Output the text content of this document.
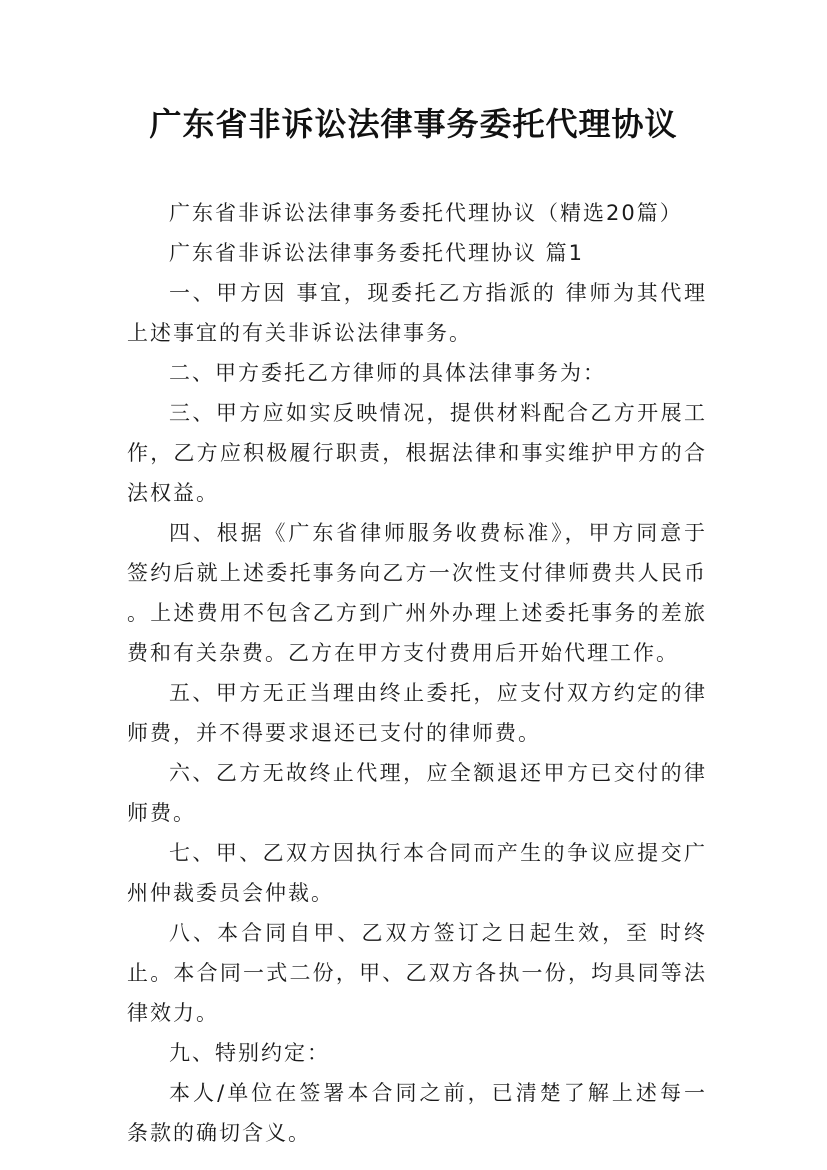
广东省非诉讼法律事务委托代理协议

广东省非诉讼法律事务委托代理协议（精选20篇）

广东省非诉讼法律事务委托代理协议 篇1

一、甲方因 事宜，现委托乙方指派的 律师为其代理上述事宜的有关非诉讼法律事务。

二、甲方委托乙方律师的具体法律事务为：

三、甲方应如实反映情况，提供材料配合乙方开展工作，乙方应积极履行职责，根据法律和事实维护甲方的合法权益。

四、根据《广东省律师服务收费标准》，甲方同意于签约后就上述委托事务向乙方一次性支付律师费共人民币 。上述费用不包含乙方到广州外办理上述委托事务的差旅费和有关杂费。乙方在甲方支付费用后开始代理工作。

五、甲方无正当理由终止委托，应支付双方约定的律师费，并不得要求退还已支付的律师费。

六、乙方无故终止代理，应全额退还甲方已交付的律师费。

七、甲、乙双方因执行本合同而产生的争议应提交广州仲裁委员会仲裁。

八、本合同自甲、乙双方签订之日起生效，至 时终止。本合同一式二份，甲、乙双方各执一份，均具同等法律效力。

九、特别约定：

本人/单位在签署本合同之前，已清楚了解上述每一条款的确切含义。
